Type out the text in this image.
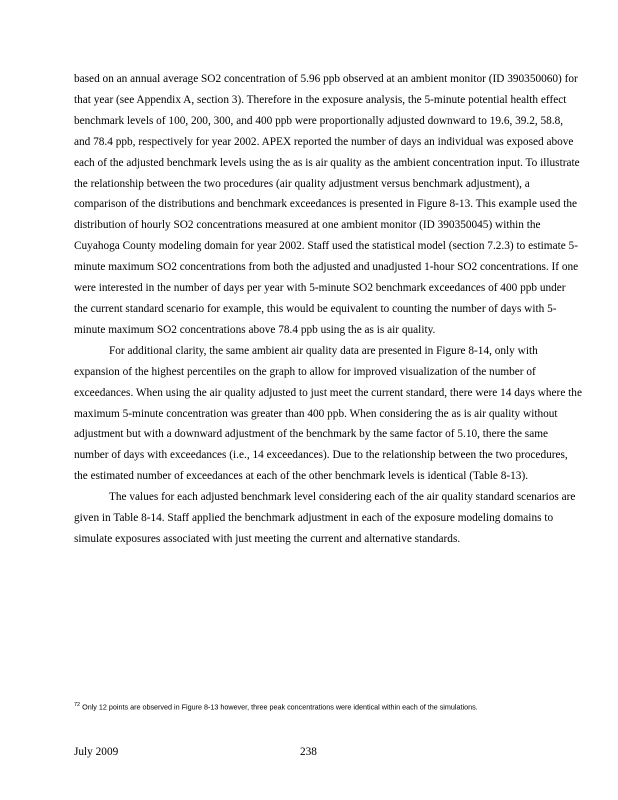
based on an annual average SO2 concentration of 5.96 ppb observed at an ambient monitor (ID 390350060) for that year (see Appendix A, section 3). Therefore in the exposure analysis, the 5-minute potential health effect benchmark levels of 100, 200, 300, and 400 ppb were proportionally adjusted downward to 19.6, 39.2, 58.8, and 78.4 ppb, respectively for year 2002. APEX reported the number of days an individual was exposed above each of the adjusted benchmark levels using the as is air quality as the ambient concentration input. To illustrate the relationship between the two procedures (air quality adjustment versus benchmark adjustment), a comparison of the distributions and benchmark exceedances is presented in Figure 8-13. This example used the distribution of hourly SO2 concentrations measured at one ambient monitor (ID 390350045) within the Cuyahoga County modeling domain for year 2002. Staff used the statistical model (section 7.2.3) to estimate 5-minute maximum SO2 concentrations from both the adjusted and unadjusted 1-hour SO2 concentrations. If one were interested in the number of days per year with 5-minute SO2 benchmark exceedances of 400 ppb under the current standard scenario for example, this would be equivalent to counting the number of days with 5-minute maximum SO2 concentrations above 78.4 ppb using the as is air quality.

For additional clarity, the same ambient air quality data are presented in Figure 8-14, only with expansion of the highest percentiles on the graph to allow for improved visualization of the number of exceedances. When using the air quality adjusted to just meet the current standard, there were 14 days where the maximum 5-minute concentration was greater than 400 ppb. When considering the as is air quality without adjustment but with a downward adjustment of the benchmark by the same factor of 5.10, there the same number of days with exceedances (i.e., 14 exceedances). Due to the relationship between the two procedures, the estimated number of exceedances at each of the other benchmark levels is identical (Table 8-13).

The values for each adjusted benchmark level considering each of the air quality standard scenarios are given in Table 8-14. Staff applied the benchmark adjustment in each of the exposure modeling domains to simulate exposures associated with just meeting the current and alternative standards.

$^{72}$ Only 12 points are observed in Figure 8-13 however, three peak concentrations were identical within each of the simulations.
July 2009	238
